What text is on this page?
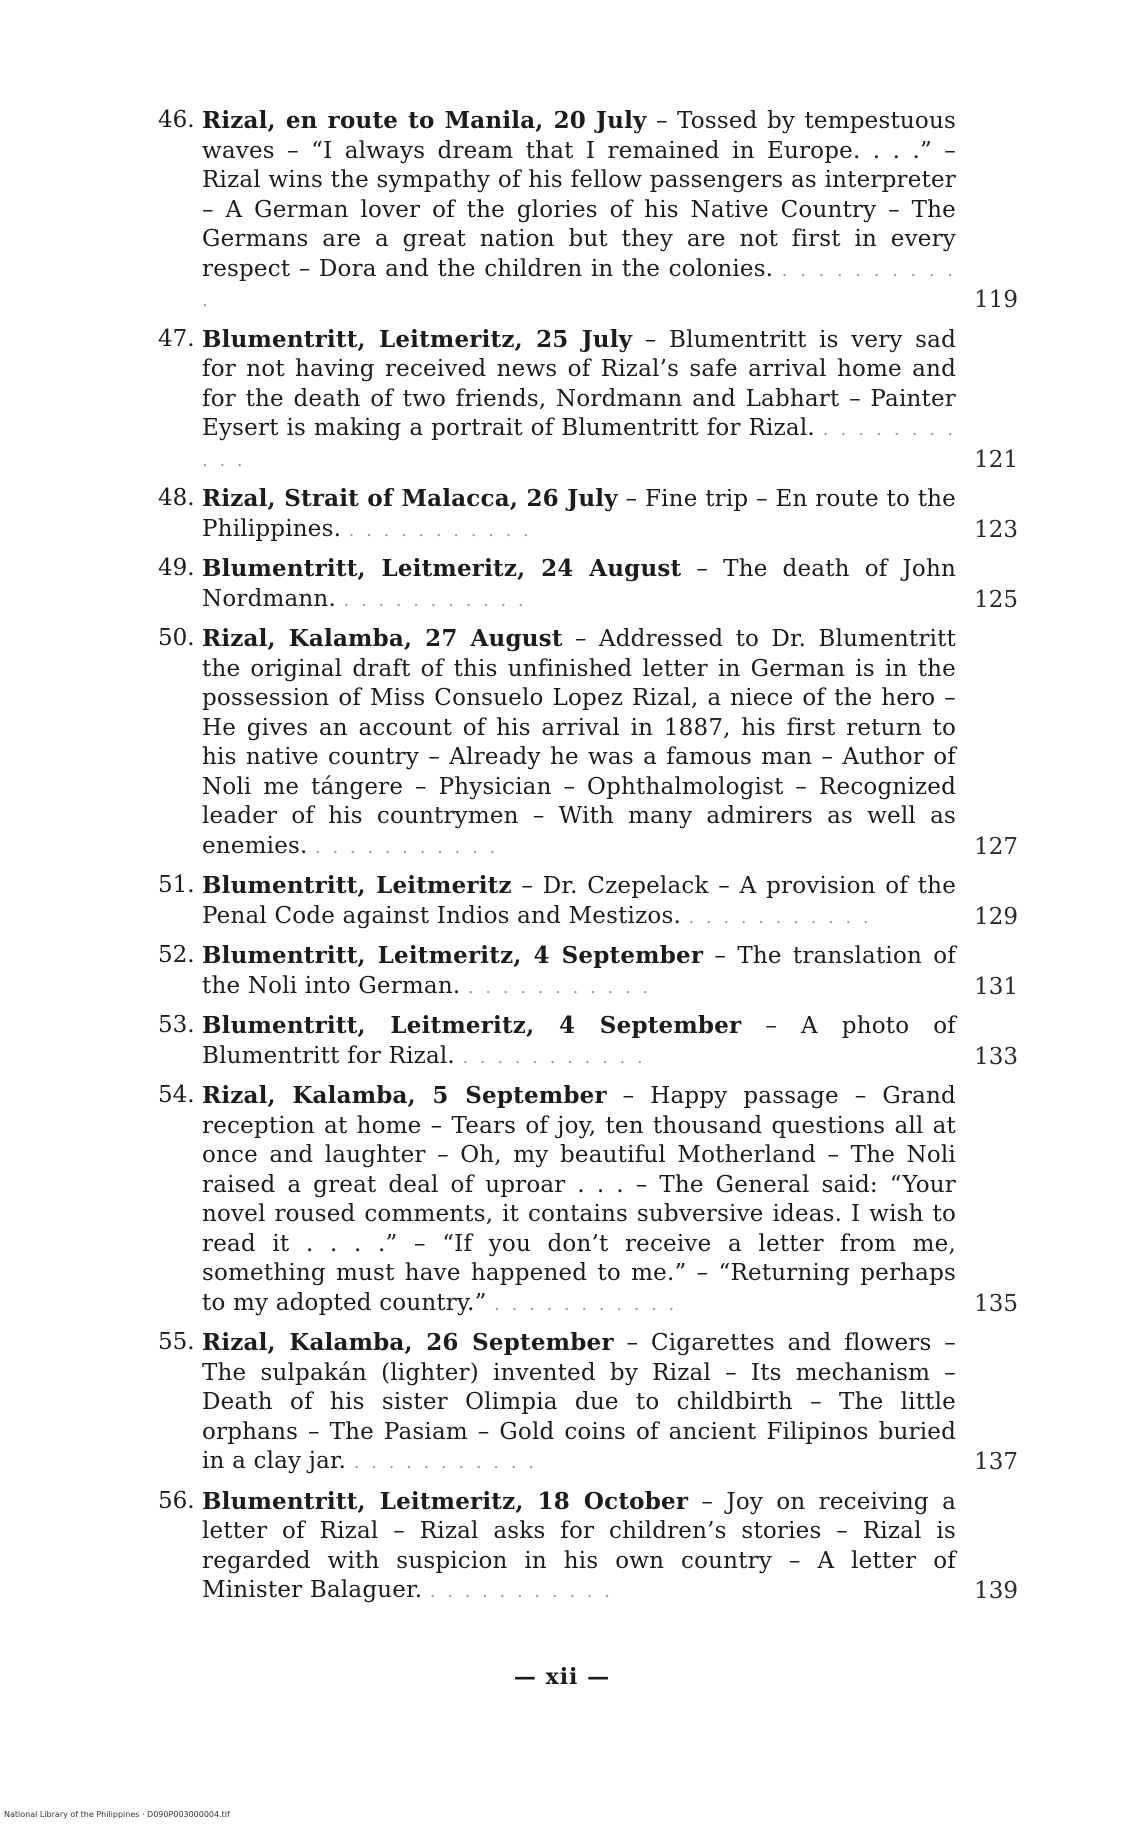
46. Rizal, en route to Manila, 20 July – Tossed by tempestuous waves – “I always dream that I remained in Europe. . . .” – Rizal wins the sympathy of his fellow passengers as interpreter – A German lover of the glories of his Native Country – The Germans are a great nation but they are not first in every respect – Dora and the children in the colonies. . . . . . . . . . . .	119
47. Blumentritt, Leitmeritz, 25 July – Blumentritt is very sad for not having received news of Rizal’s safe arrival home and for the death of two friends, Nordmann and Labhart – Painter Eysert is making a portrait of Blumentritt for Rizal. . . . . . . . . . . .	121
48. Rizal, Strait of Malacca, 26 July – Fine trip – En route to the Philippines. . . . . . . . . . . .	123
49. Blumentritt, Leitmeritz, 24 August – The death of John Nordmann. . . . . . . . . . . .	125
50. Rizal, Kalamba, 27 August – Addressed to Dr. Blumentritt the original draft of this unfinished letter in German is in the possession of Miss Consuelo Lopez Rizal, a niece of the hero – He gives an account of his arrival in 1887, his first return to his native country – Already he was a famous man – Author of Noli me tángere – Physician – Ophthalmologist – Recognized leader of his countrymen – With many admirers as well as enemies. . . . . . . . . . . .	127
51. Blumentritt, Leitmeritz – Dr. Czepelack – A provision of the Penal Code against Indios and Mestizos. . . . . . . . . . . .	129
52. Blumentritt, Leitmeritz, 4 September – The translation of the Noli into German. . . . . . . . . . . .	131
53. Blumentritt, Leitmeritz, 4 September – A photo of Blumentritt for Rizal. . . . . . . . . . . .	133
54. Rizal, Kalamba, 5 September – Happy passage – Grand reception at home – Tears of joy, ten thousand questions all at once and laughter – Oh, my beautiful Motherland – The Noli raised a great deal of uproar . . . – The General said: “Your novel roused comments, it contains subversive ideas. I wish to read it . . . .” – “If you don’t receive a letter from me, something must have happened to me.” – “Returning perhaps to my adopted country.” . . . . . . . . . . .	135
55. Rizal, Kalamba, 26 September – Cigarettes and flowers – The sulpakán (lighter) invented by Rizal – Its mechanism – Death of his sister Olimpia due to childbirth – The little orphans – The Pasiam – Gold coins of ancient Filipinos buried in a clay jar. . . . . . . . . . . .	137
56. Blumentritt, Leitmeritz, 18 October – Joy on receiving a letter of Rizal – Rizal asks for children’s stories – Rizal is regarded with suspicion in his own country – A letter of Minister Balaguer. . . . . . . . . . . .	139
— xii —
National Library of the Philippines · D090P003000004.tif
